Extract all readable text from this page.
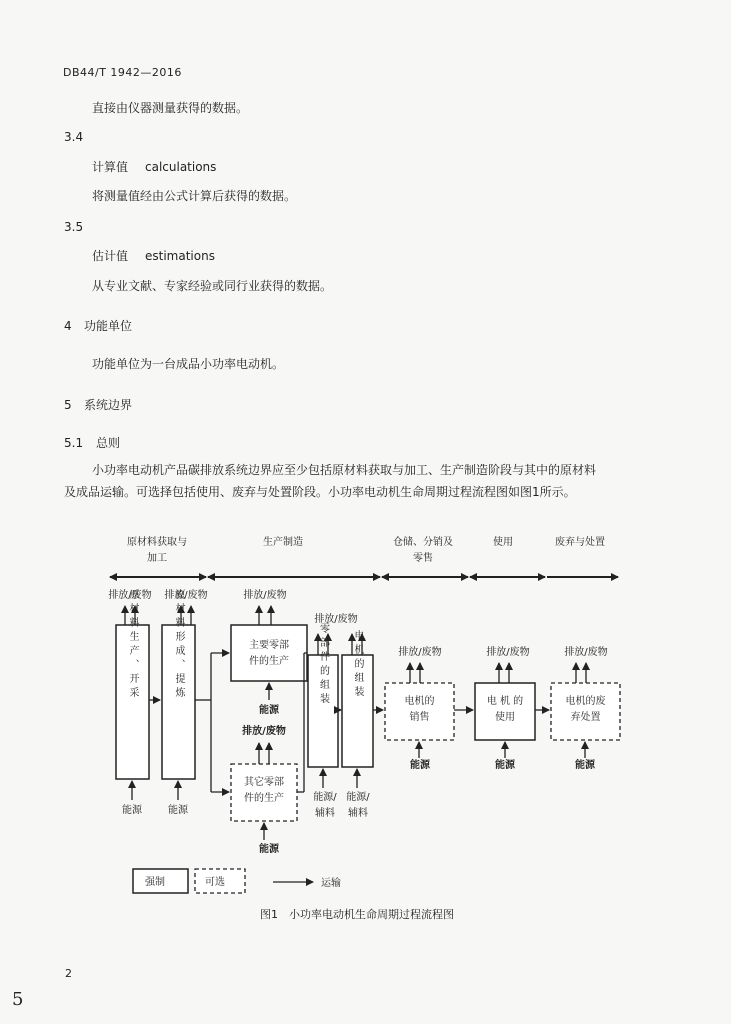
DB44/T 1942—2016
直接由仪器测量获得的数据。
3.4
计算值 calculations
将测量值经由公式计算后获得的数据。
3.5
估计值 estimations
从专业文献、专家经验或同行业获得的数据。
4 功能单位
功能单位为一台成品小功率电动机。
5 系统边界
5.1 总则
小功率电动机产品碳排放系统边界应至少包括原材料获取与加工、生产制造阶段与其中的原材料
及成品运输。可选择包括使用、废弃与处置阶段。小功率电动机生命周期过程流程图如图1所示。
原材料获取与
加工
生产制造	仓储、分销及
零售
使用	废弃与处置
排放/废物 排放/废物	排放/废物
排放/废物
排放/废物	排放/废物	排放/废物
排放/废物
原材料生产、开采	原材料形成、提炼	主要零部
件的生产
其它零部
件的生产
零部件的组装 电机的组装
电机的
销售
电 机 的
使用
电机的废
弃处置
能源	能源
能源
能源
能源/
辅料
能源/
辅料
能源	能源	能源
强制	可选	运输
图1　小功率电动机生命周期过程流程图
2
5
